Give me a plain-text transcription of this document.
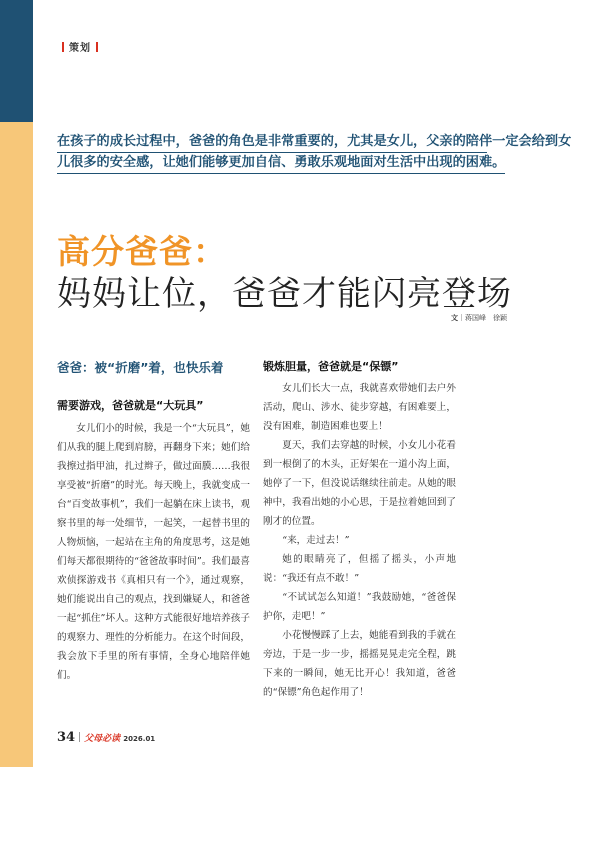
策划
在孩子的成长过程中，爸爸的角色是非常重要的，尤其是女儿，父亲的陪伴一定会给到女
儿很多的安全感，让她们能够更加自信、勇敢乐观地面对生活中出现的困难。
高分爸爸：
妈妈让位，爸爸才能闪亮登场
文｜蒋国峰　徐颖
爸爸：被“折磨”着，也快乐着
需要游戏，爸爸就是“大玩具”

女儿们小的时候，我是一个“大玩具”，她们从我的腿上爬到肩膀，再翻身下来；她们给我擦过指甲油，扎过辫子，做过面膜……我很享受被“折磨”的时光。每天晚上，我就变成一台“百变故事机”，我们一起躺在床上读书，观察书里的每一处细节，一起笑，一起替书里的人物烦恼，一起站在主角的角度思考，这是她们每天都很期待的“爸爸故事时间”。我们最喜欢侦探游戏书《真相只有一个》，通过观察，她们能说出自己的观点，找到嫌疑人，和爸爸一起“抓住”坏人。这种方式能很好地培养孩子的观察力、理性的分析能力。在这个时间段，我会放下手里的所有事情，全身心地陪伴她们。

锻炼胆量，爸爸就是“保镖”

女儿们长大一点，我就喜欢带她们去户外活动，爬山、涉水、徒步穿越，有困难要上，没有困难，制造困难也要上！

夏天，我们去穿越的时候，小女儿小花看到一根倒了的木头，正好架在一道小沟上面，她停了一下，但没说话继续往前走。从她的眼神中，我看出她的小心思，于是拉着她回到了刚才的位置。

“来，走过去！”

她的眼睛亮了，但摇了摇头，小声地说：“我还有点不敢！”

“不试试怎么知道！”我鼓励她，“爸爸保护你，走吧！”

小花慢慢踩了上去，她能看到我的手就在旁边，于是一步一步，摇摇晃晃走完全程，跳下来的一瞬间，她无比开心！我知道，爸爸的“保镖”角色起作用了！

34 父母必读 2026.01
